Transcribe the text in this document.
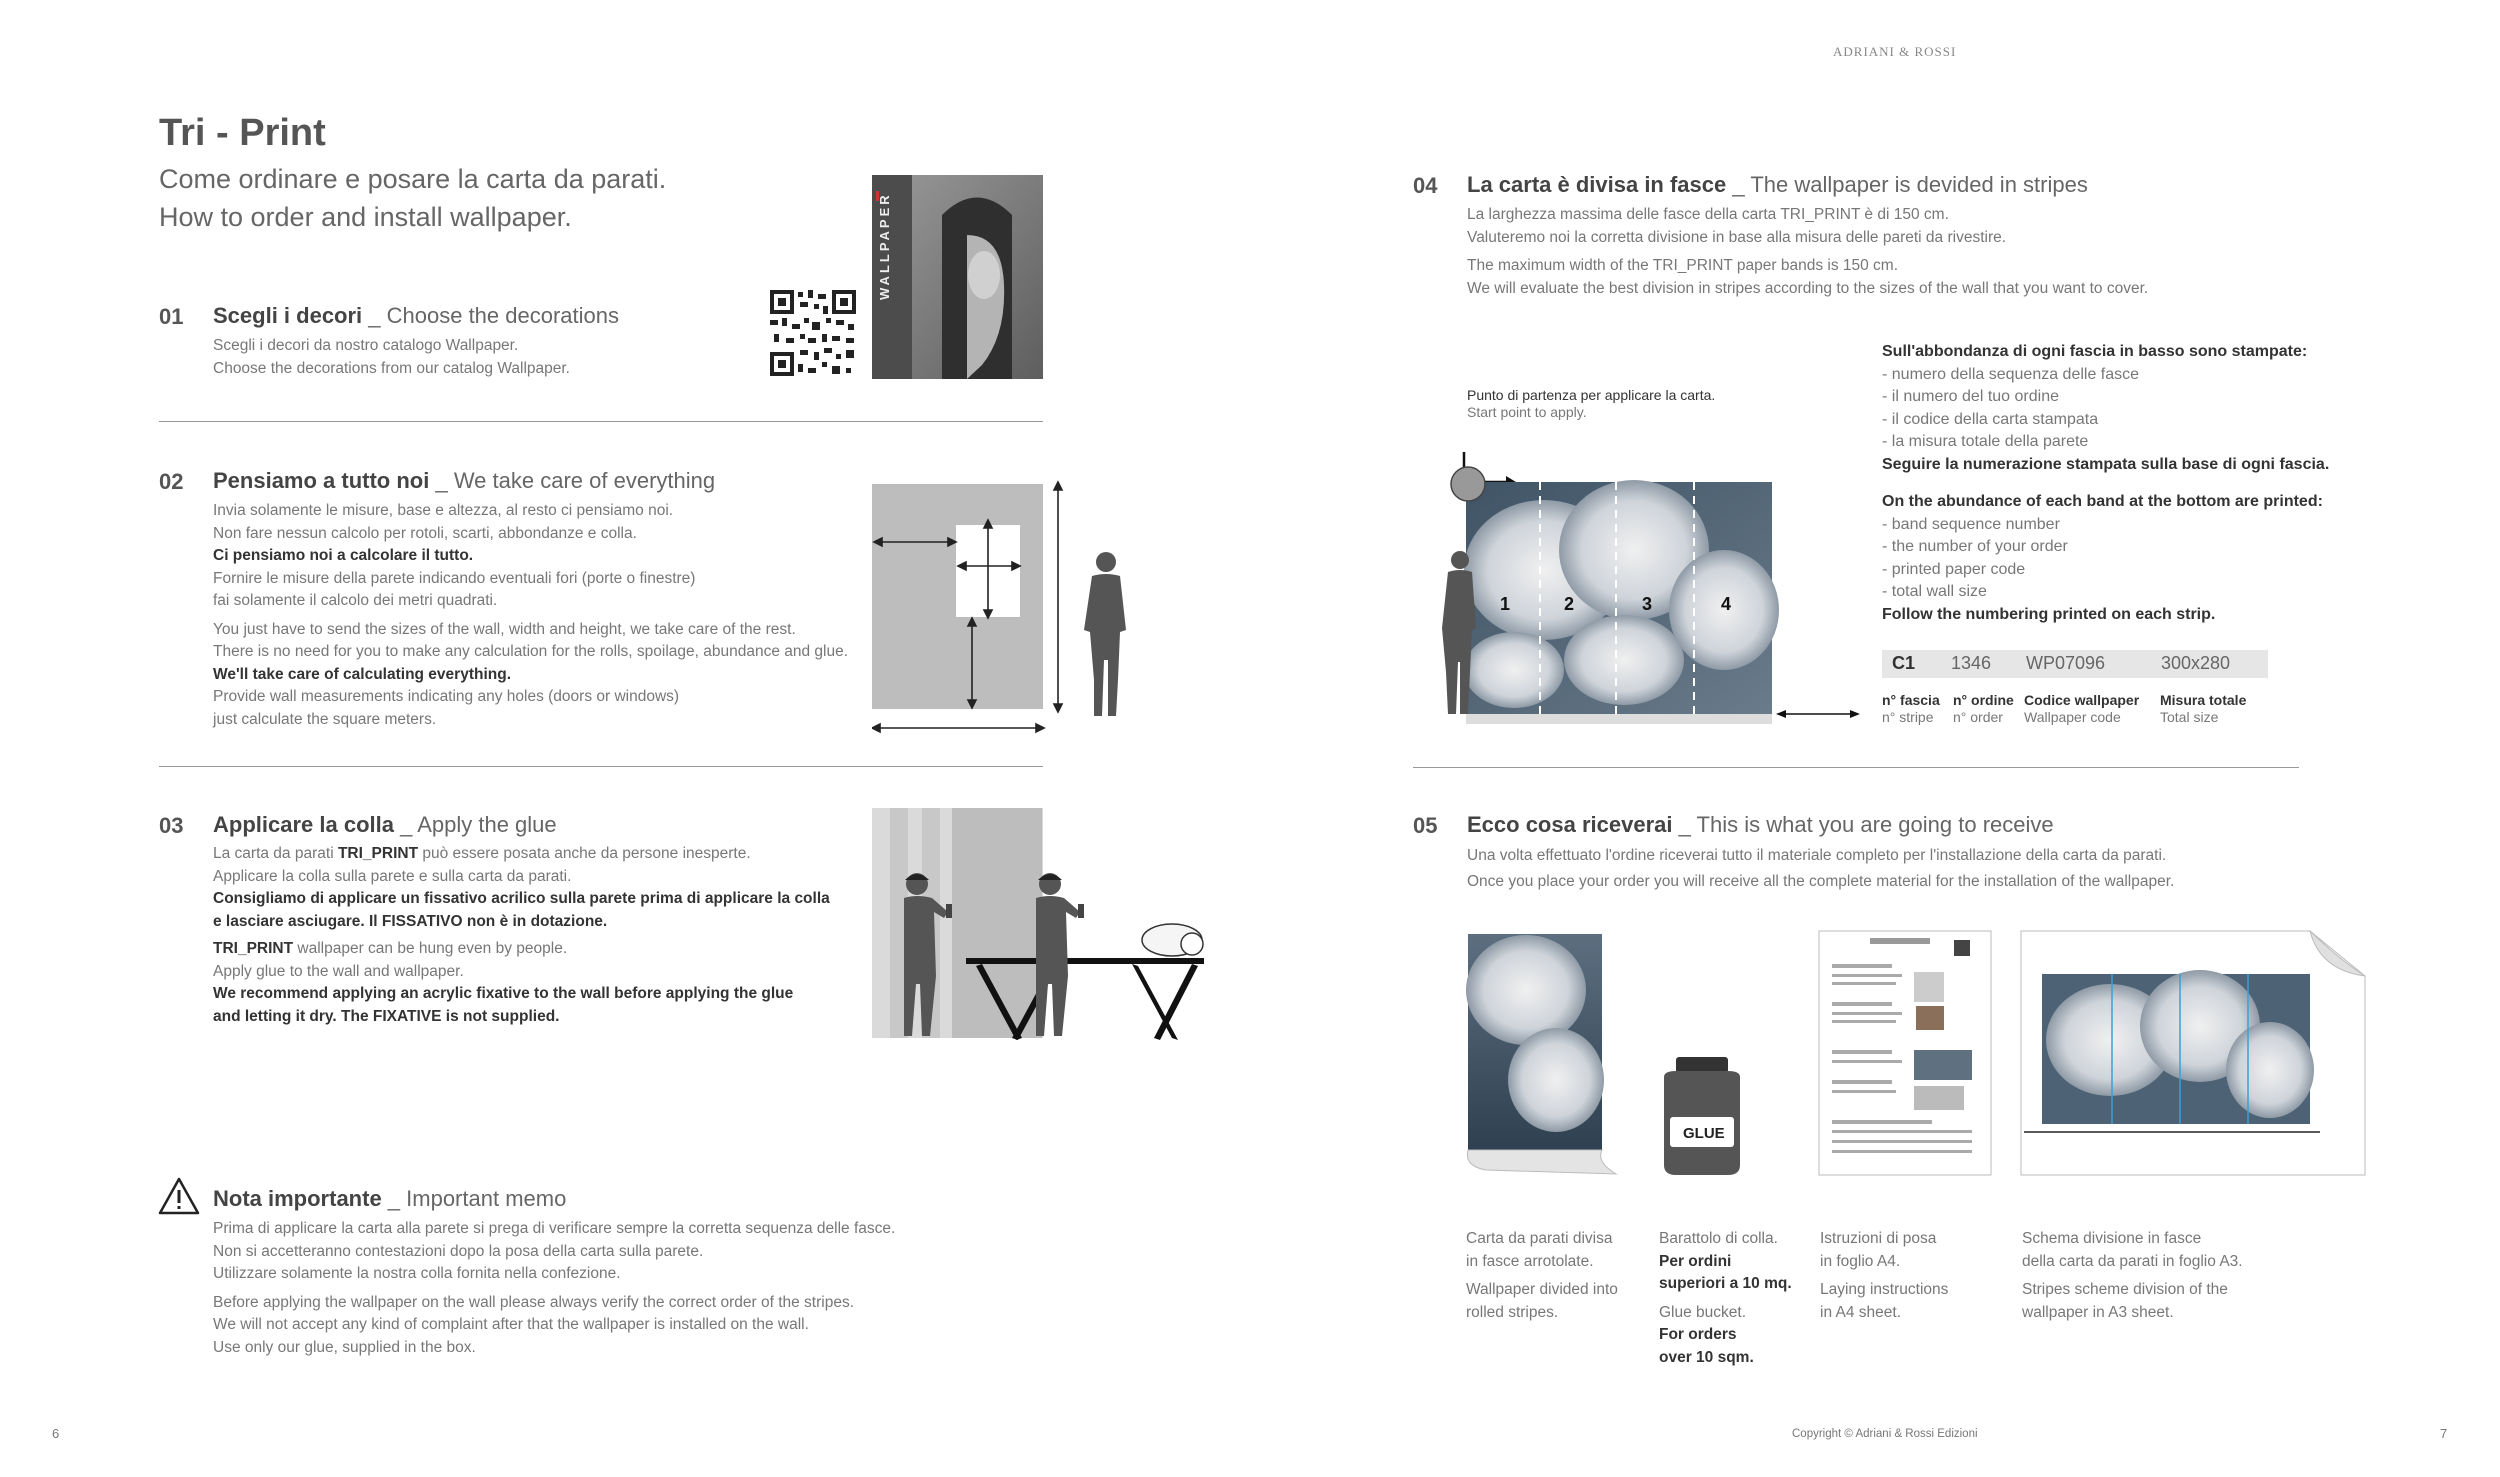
ADRIANI & ROSSI
Tri - Print
Come ordinare e posare la carta da parati.
How to order and install wallpaper.
01 Scegli i decori _ Choose the decorations
Scegli i decori da nostro catalogo Wallpaper.
Choose the decorations from our catalog Wallpaper.
WALLPAPER
02 Pensiamo a tutto noi _ We take care of everything
Invia solamente le misure, base e altezza, al resto ci pensiamo noi.
Non fare nessun calcolo per rotoli, scarti, abbondanze e colla.
Ci pensiamo noi a calcolare il tutto.
Fornire le misure della parete indicando eventuali fori (porte o finestre)
fai solamente il calcolo dei metri quadrati.
You just have to send the sizes of the wall, width and height, we take care of the rest.
There is no need for you to make any calculation for the rolls, spoilage, abundance and glue.
We'll take care of calculating everything.
Provide wall measurements indicating any holes (doors or windows)
just calculate the square meters.
03 Applicare la colla _ Apply the glue
La carta da parati TRI_PRINT può essere posata anche da persone inesperte.
Applicare la colla sulla parete e sulla carta da parati.
Consigliamo di applicare un fissativo acrilico sulla parete prima di applicare la colla
e lasciare asciugare. Il FISSATIVO non è in dotazione.
TRI_PRINT wallpaper can be hung even by people.
Apply glue to the wall and wallpaper.
We recommend applying an acrylic fixative to the wall before applying the glue
and letting it dry. The FIXATIVE is not supplied.
Nota importante _ Important memo
Prima di applicare la carta alla parete si prega di verificare sempre la corretta sequenza delle fasce.
Non si accetteranno contestazioni dopo la posa della carta sulla parete.
Utilizzare solamente la nostra colla fornita nella confezione.
Before applying the wallpaper on the wall please always verify the correct order of the stripes.
We will not accept any kind of complaint after that the wallpaper is installed on the wall.
Use only our glue, supplied in the box.
04 La carta è divisa in fasce _ The wallpaper is devided in stripes
La larghezza massima delle fasce della carta TRI_PRINT è di 150 cm.
Valuteremo noi la corretta divisione in base alla misura delle pareti da rivestire.
The maximum width of the TRI_PRINT paper bands is 150 cm.
We will evaluate the best division in stripes according to the sizes of the wall that you want to cover.
Punto di partenza per applicare la carta.
Start point to apply.
1	2	3	4
Sull'abbondanza di ogni fascia in basso sono stampate:
- numero della sequenza delle fasce
- il numero del tuo ordine
- il codice della carta stampata
- la misura totale della parete
Seguire la numerazione stampata sulla base di ogni fascia.
On the abundance of each band at the bottom are printed:
- band sequence number
- the number of your order
- printed paper code
- total wall size
Follow the numbering printed on each strip.
C1 1346 WP07096	300x280
n° fascia
n° stripe
n° ordine
n° order
Codice wallpaper
Wallpaper code
Misura totale
Total size
05 Ecco cosa riceverai _ This is what you are going to receive
Una volta effettuato l'ordine riceverai tutto il materiale completo per l'installazione della carta da parati.
Once you place your order you will receive all the complete material for the installation of the wallpaper.
GLUE
Carta da parati divisa
in fasce arrotolate.
Wallpaper divided into
rolled stripes.
Barattolo di colla.
Per ordini
superiori a 10 mq.
Glue bucket.
For orders
over 10 sqm.
Istruzioni di posa
in foglio A4.
Laying instructions
in A4 sheet.
Schema divisione in fasce
della carta da parati in foglio A3.
Stripes scheme division of the
wallpaper in A3 sheet.
6	Copyright © Adriani & Rossi Edizioni	7
